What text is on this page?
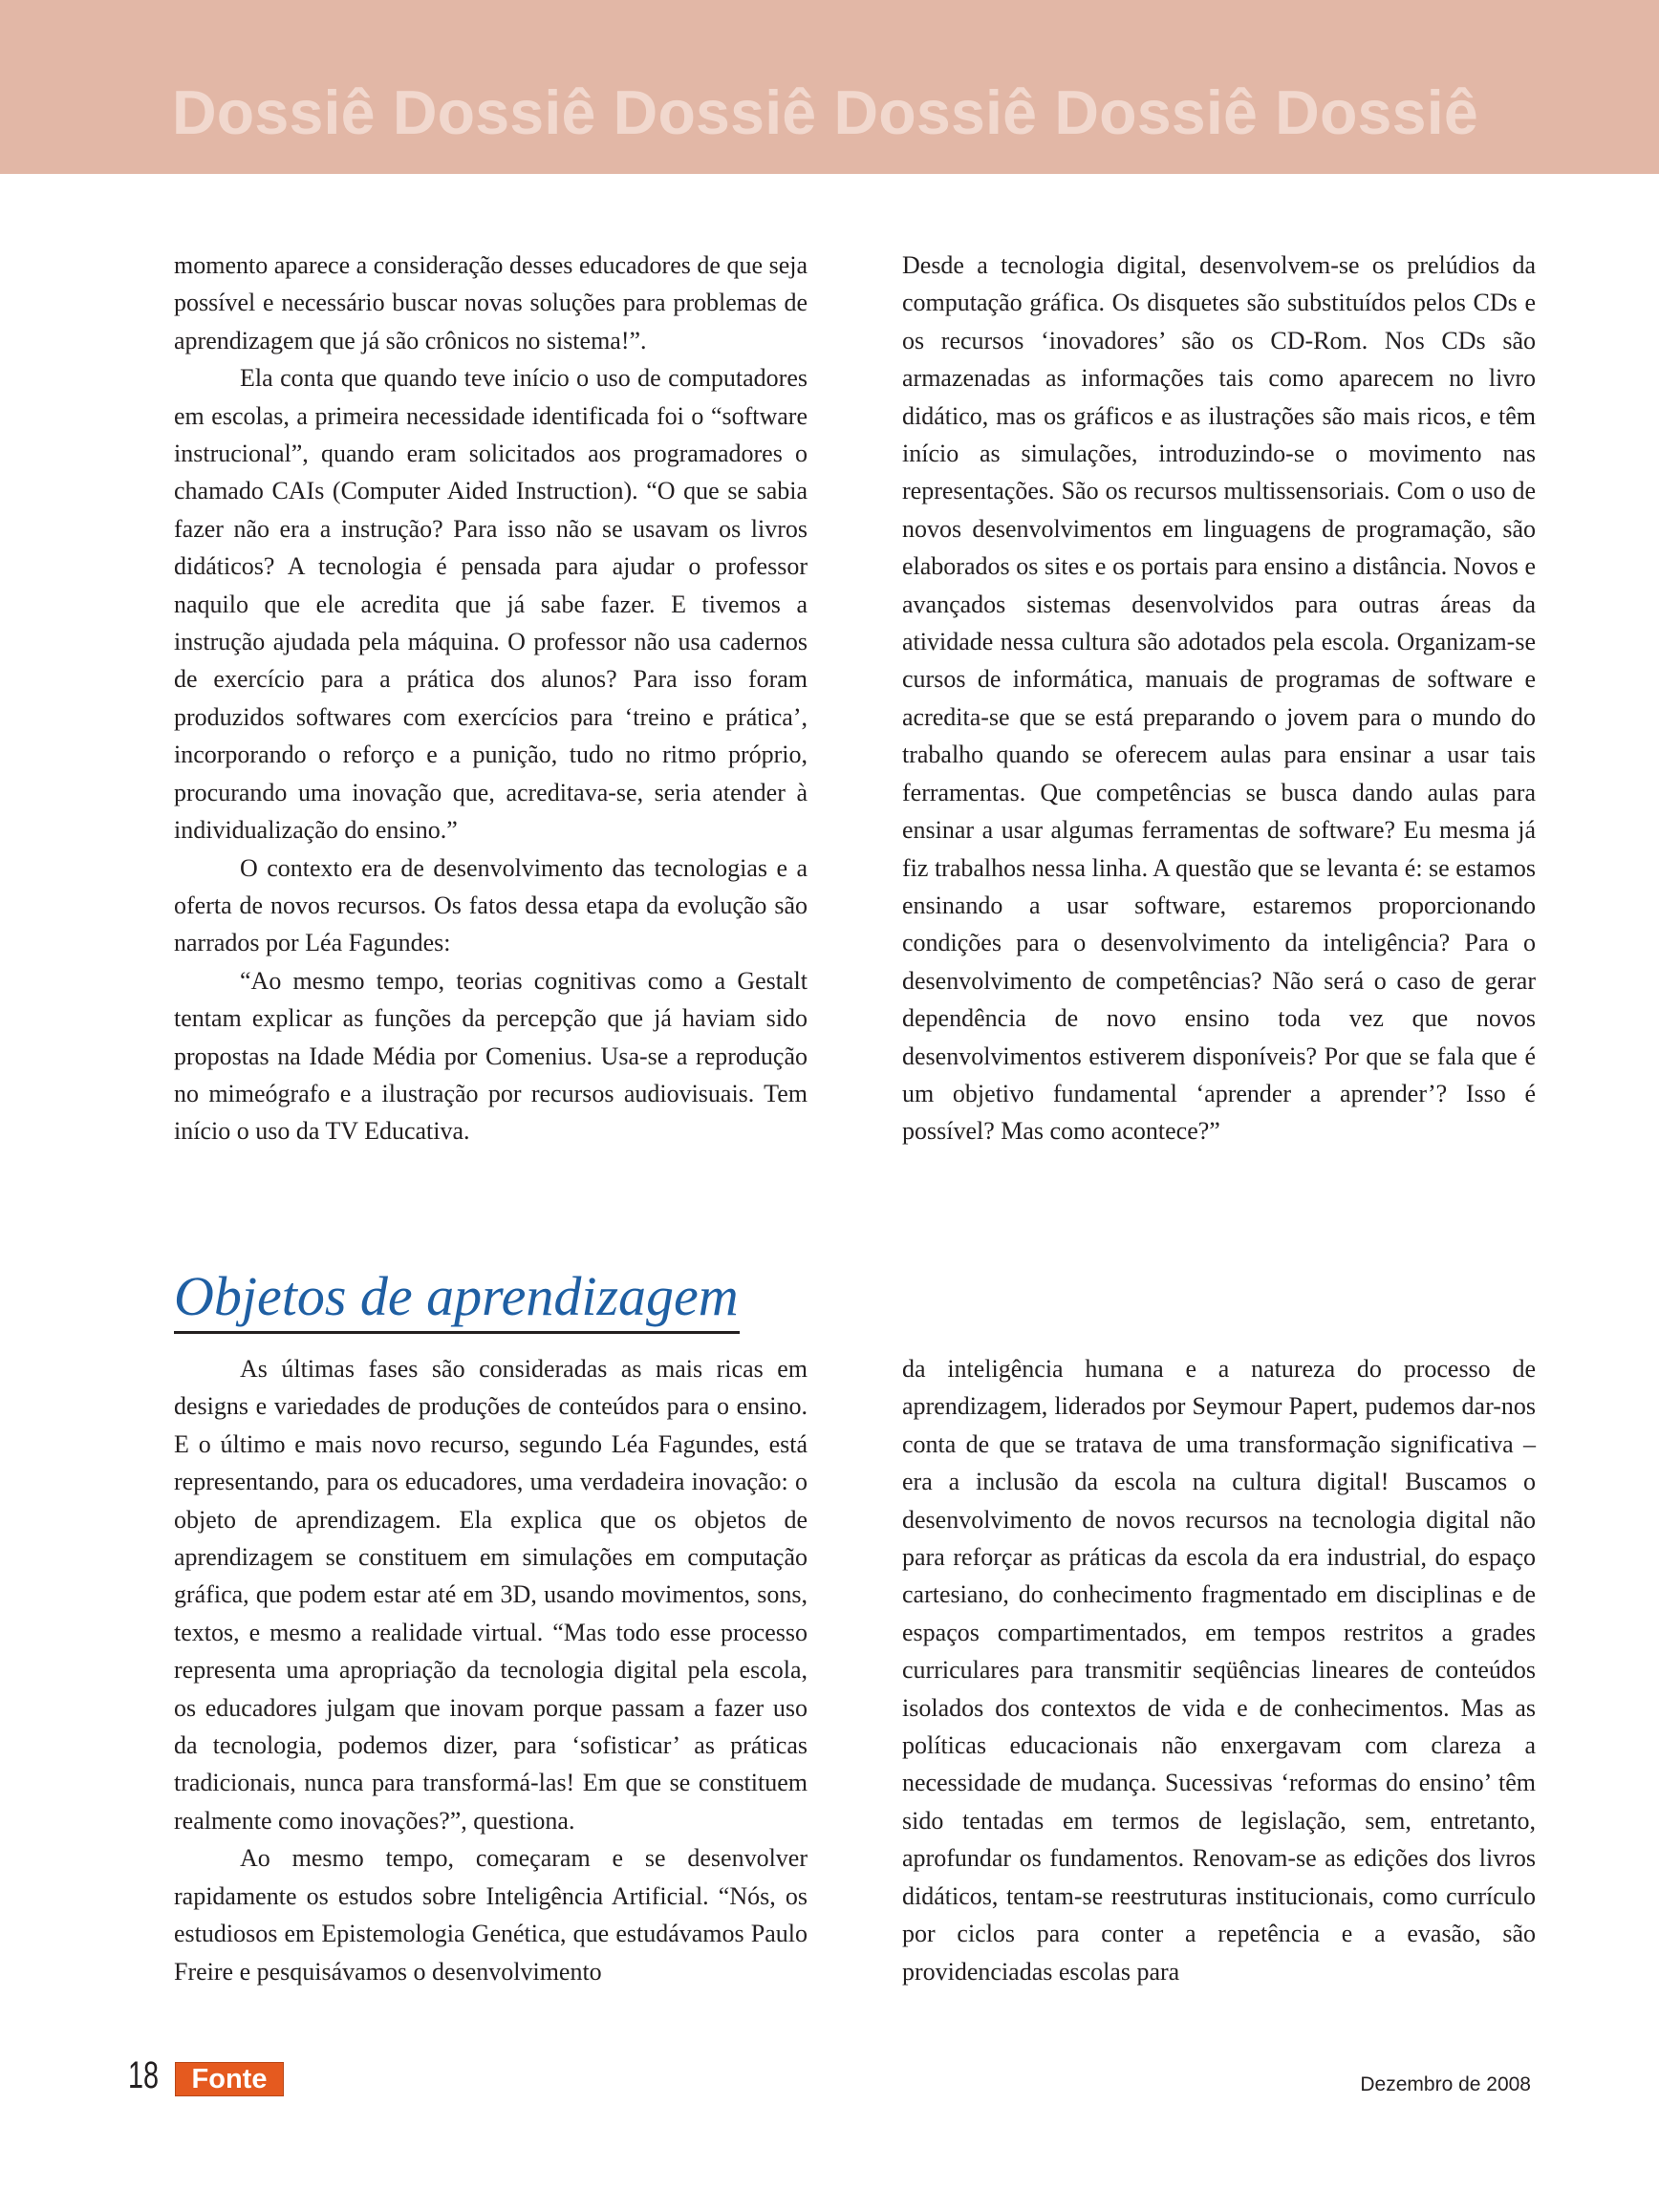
Dossiê Dossiê Dossiê Dossiê Dossiê Dossiê

momento aparece a consideração desses educadores de que seja possível e necessário buscar novas soluções para problemas de aprendizagem que já são crônicos no sistema!”.

Ela conta que quando teve início o uso de computadores em escolas, a primeira necessidade identificada foi o “software instrucional”, quando eram solicitados aos programadores o chamado CAIs (Computer Aided Instruction). “O que se sabia fazer não era a instrução? Para isso não se usavam os livros didáticos? A tecnologia é pensada para ajudar o professor naquilo que ele acredita que já sabe fazer. E tivemos a instrução ajudada pela máquina. O professor não usa cadernos de exercício para a prática dos alunos? Para isso foram produzidos softwares com exercícios para ‘treino e prática’, incorporando o reforço e a punição, tudo no ritmo próprio, procurando uma inovação que, acreditava-se, seria atender à individualização do ensino.”

O contexto era de desenvolvimento das tecnologias e a oferta de novos recursos. Os fatos dessa etapa da evolução são narrados por Léa Fagundes:

“Ao mesmo tempo, teorias cognitivas como a Gestalt tentam explicar as funções da percepção que já haviam sido propostas na Idade Média por Comenius. Usa-se a reprodução no mimeógrafo e a ilustração por recursos audiovisuais. Tem início o uso da TV Educativa.

Desde a tecnologia digital, desenvolvem-se os prelúdios da computação gráfica. Os disquetes são substituídos pelos CDs e os recursos ‘inovadores’ são os CD-Rom. Nos CDs são armazenadas as informações tais como aparecem no livro didático, mas os gráficos e as ilustrações são mais ricos, e têm início as simulações, introduzindo-se o movimento nas representações. São os recursos multissensoriais. Com o uso de novos desenvolvimentos em linguagens de programação, são elaborados os sites e os portais para ensino a distância. Novos e avançados sistemas desenvolvidos para outras áreas da atividade nessa cultura são adotados pela escola. Organizam-se cursos de informática, manuais de programas de software e acredita-se que se está preparando o jovem para o mundo do trabalho quando se oferecem aulas para ensinar a usar tais ferramentas. Que competências se busca dando aulas para ensinar a usar algumas ferramentas de software? Eu mesma já fiz trabalhos nessa linha. A questão que se levanta é: se estamos ensinando a usar software, estaremos proporcionando condições para o desenvolvimento da inteligência? Para o desenvolvimento de competências? Não será o caso de gerar dependência de novo ensino toda vez que novos desenvolvimentos estiverem disponíveis? Por que se fala que é um objetivo fundamental ‘aprender a aprender’? Isso é possível? Mas como acontece?”

Objetos de aprendizagem

As últimas fases são consideradas as mais ricas em designs e variedades de produções de conteúdos para o ensino. E o último e mais novo recurso, segundo Léa Fagundes, está representando, para os educadores, uma verdadeira inovação: o objeto de aprendizagem. Ela explica que os objetos de aprendizagem se constituem em simulações em computação gráfica, que podem estar até em 3D, usando movimentos, sons, textos, e mesmo a realidade virtual. “Mas todo esse processo representa uma apropriação da tecnologia digital pela escola, os educadores julgam que inovam porque passam a fazer uso da tecnologia, podemos dizer, para ‘sofisticar’ as práticas tradicionais, nunca para transformá-las! Em que se constituem realmente como inovações?”, questiona.

Ao mesmo tempo, começaram e se desenvolver rapidamente os estudos sobre Inteligência Artificial. “Nós, os estudiosos em Epistemologia Genética, que estudávamos Paulo Freire e pesquisávamos o desenvolvimento

da inteligência humana e a natureza do processo de aprendizagem, liderados por Seymour Papert, pudemos dar-nos conta de que se tratava de uma transformação significativa – era a inclusão da escola na cultura digital! Buscamos o desenvolvimento de novos recursos na tecnologia digital não para reforçar as práticas da escola da era industrial, do espaço cartesiano, do conhecimento fragmentado em disciplinas e de espaços compartimentados, em tempos restritos a grades curriculares para transmitir seqüências lineares de conteúdos isolados dos contextos de vida e de conhecimentos. Mas as políticas educacionais não enxergavam com clareza a necessidade de mudança. Sucessivas ‘reformas do ensino’ têm sido tentadas em termos de legislação, sem, entretanto, aprofundar os fundamentos. Renovam-se as edições dos livros didáticos, tentam-se reestruturas institucionais, como currículo por ciclos para conter a repetência e a evasão, são providenciadas escolas para

18	Fonte	Dezembro de 2008
